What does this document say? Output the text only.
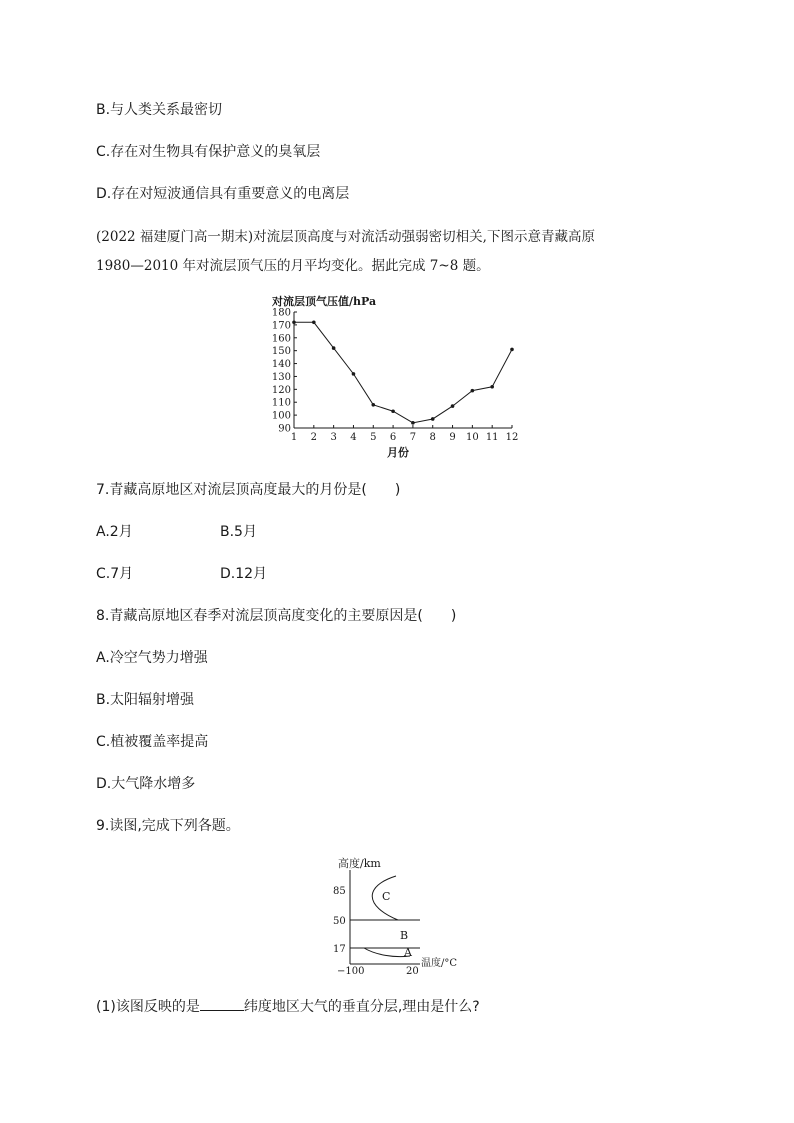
B.与人类关系最密切
C.存在对生物具有保护意义的臭氧层
D.存在对短波通信具有重要意义的电离层
(2022 福建厦门高一期末)对流层顶高度与对流活动强弱密切相关,下图示意青藏高原
1980—2010 年对流层顶气压的月平均变化。据此完成 7~8 题。
对流层顶气压值/hPa
90
100
110
120
130
140
150
160
170
180
1 2 3 4 5 6 7 8 9 10 11 12
月份
7.青藏高原地区对流层顶高度最大的月份是( )
A.2月	B.5月
C.7月	D.12月
8.青藏高原地区春季对流层顶高度变化的主要原因是( )
A.冷空气势力增强
B.太阳辐射增强
C.植被覆盖率提高
D.大气降水增多
9.读图,完成下列各题。
高度/km
85
50
17
−100	20
温度/°C
C
B
A
(1)该图反映的是	纬度地区大气的垂直分层,理由是什么?
